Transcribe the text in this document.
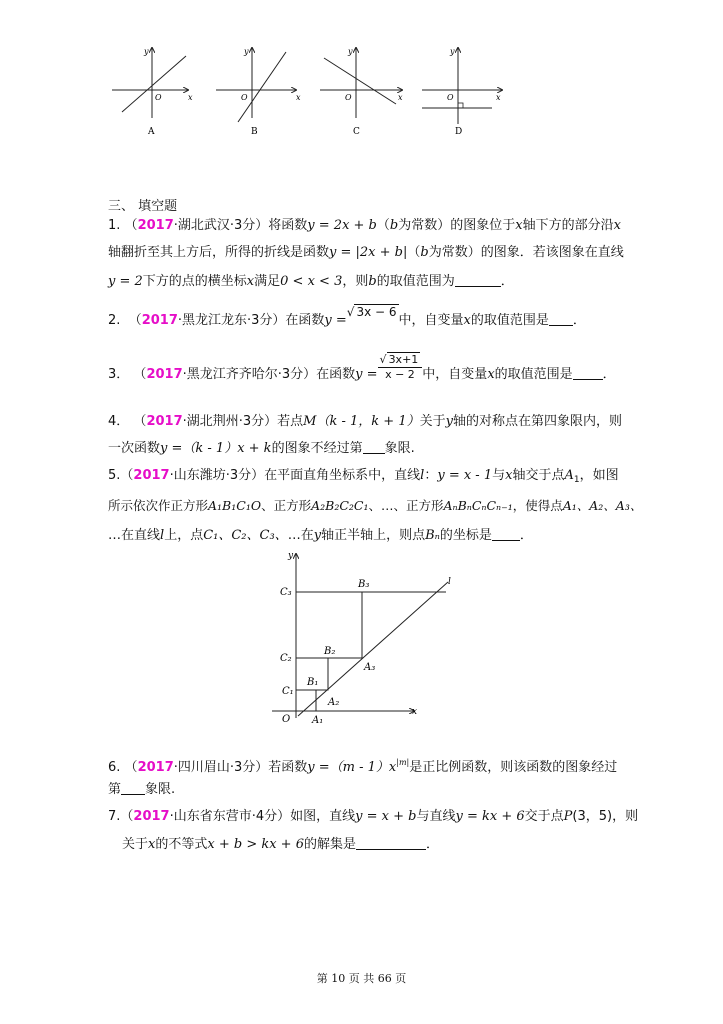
y
x
O
y
x
O
y
x
O
y
x
O
A	B	C	D
三、 填空题
1. （2017·湖北武汉·3分）将函数y = 2x + b（b为常数）的图象位于x轴下方的部分沿x
轴翻折至其上方后，所得的折线是函数y = |2x + b|（b为常数）的图象．若该图象在直线
y = 2下方的点的横坐标x满足0 < x < 3，则b的取值范围为	．
2. （2017·黑龙江龙东·3分）在函数y =√ 3x − 6中，自变量x的取值范围是 ．
3． （2017·黑龙江齐齐哈尔·3分）在函数$y = \frac{√ 3x+1}{x - 2}$ 中，自变量x的取值范围是 ．
4． （2017·湖北荆州·3分）若点M（k - 1，k + 1）关于y轴的对称点在第四象限内，则
一次函数y =（k - 1）x + k的图象不经过第 象限.
5.（2017·山东潍坊·3分）在平面直角坐标系中，直线l：y = x - 1与x轴交于点$A_1$，如图
所示依次作正方形A₁B₁C₁O、正方形A₂B₂C₂C₁、…、正方形AₙBₙCₙCₙ₋₁，使得点A₁、A₂、A₃、
…在直线l上，点C₁、C₂、C₃、…在y轴正半轴上，则点Bₙ的坐标是 ．
y
x
l
O A₁
A₂
A₃
B₁
B₂
B₃
C₁
C₂
C₃
6. （2017·四川眉山·3分）若函数$y =(m - 1)x^{|m|}$是正比例函数，则该函数的图象经过
第 象限.
7.（2017·山东省东营市·4分）如图，直线y = x + b与直线y = kx + 6交于点P(3，5)，则
关于x的不等式x + b > kx + 6的解集是	．
第 10 页 共 66 页
